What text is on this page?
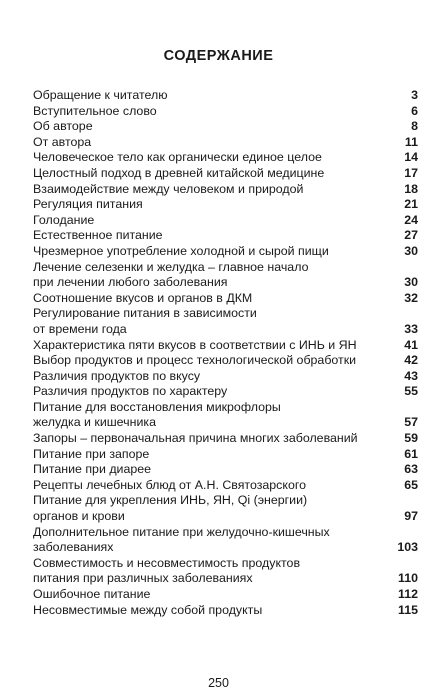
СОДЕРЖАНИЕ
Обращение к читателю	3
Вступительное слово	6
Об авторе	8
От автора	11
Человеческое тело как органически единое целое	14
Целостный подход в древней китайской медицине	17
Взаимодействие между человеком и природой	18
Регуляция питания	21
Голодание	24
Естественное питание	27
Чрезмерное употребление холодной и сырой пищи	30
Лечение селезенки и желудка – главное начало
при лечении любого заболевания	30
Соотношение вкусов и органов в ДКМ	32
Регулирование питания в зависимости
от времени года	33
Характеристика пяти вкусов в соответствии с ИНЬ и ЯН	41
Выбор продуктов и процесс технологической обработки	42
Различия продуктов по вкусу	43
Различия продуктов по характеру	55
Питание для восстановления микрофлоры
желудка и кишечника	57
Запоры – первоначальная причина многих заболеваний	59
Питание при запоре	61
Питание при диарее	63
Рецепты лечебных блюд от А.Н. Святозарского	65
Питание для укрепления ИНЬ, ЯН, Qi (энергии)
органов и крови	97
Дополнительное питание при желудочно-кишечных
заболеваниях	103
Совместимость и несовместимость продуктов
питания при различных заболеваниях	110
Ошибочное питание	112
Несовместимые между собой продукты	115
250
